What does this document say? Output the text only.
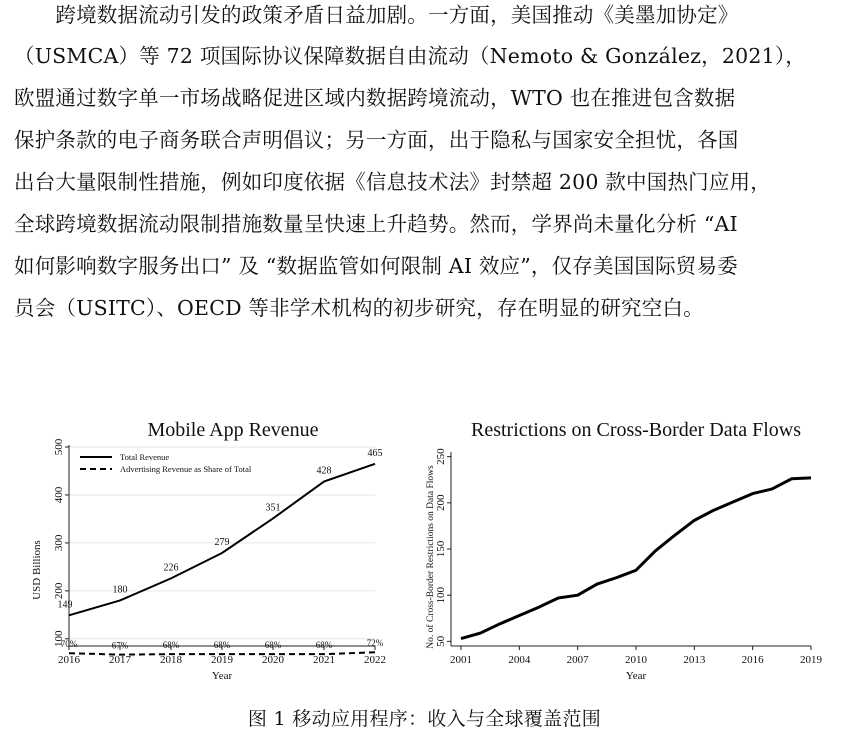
　　跨境数据流动引发的政策矛盾日益加剧。一方面，美国推动《美墨加协定》
（USMCA）等 72 项国际协议保障数据自由流动（Nemoto & González，2021），
欧盟通过数字单一市场战略促进区域内数据跨境流动，WTO 也在推进包含数据
保护条款的电子商务联合声明倡议；另一方面，出于隐私与国家安全担忧，各国
出台大量限制性措施，例如印度依据《信息技术法》封禁超 200 款中国热门应用，
全球跨境数据流动限制措施数量呈快速上升趋势。然而，学界尚未量化分析 “AI
如何影响数字服务出口” 及 “数据监管如何限制 AI 效应”，仅存美国国际贸易委
员会（USITC）、OECD 等非学术机构的初步研究，存在明显的研究空白。
Mobile App Revenue
USD Billions
Year
100
200
300
400
500
2016	2017	2018	2019	2020	2021	2022
149
180
226
279
351
428
465
70%	67%	68%	68%	68%	68%	72%
Total Revenue
Advertising Revenue as Share of Total
Restrictions on Cross-Border Data Flows
No. of Cross-Border Restrictions on Data Flows
Year
50
100
150
200
250
2001	2004	2007	2010	2013	2016	2019
图 1 移动应用程序：收入与全球覆盖范围
